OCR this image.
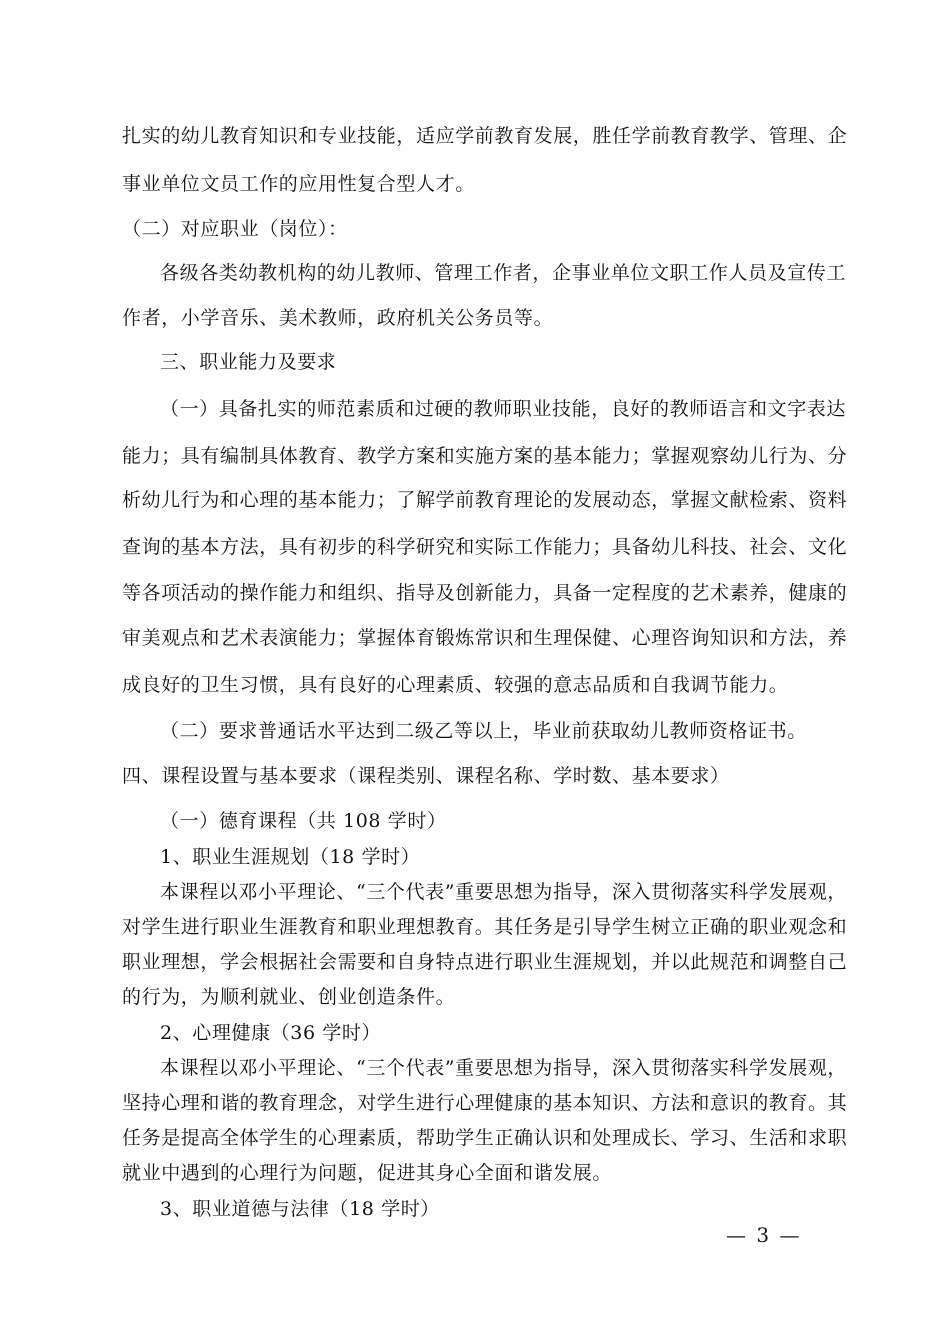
扎实的幼儿教育知识和专业技能，适应学前教育发展，胜任学前教育教学、管理、企
事业单位文员工作的应用性复合型人才。
（二）对应职业（岗位）：
各级各类幼教机构的幼儿教师、管理工作者，企事业单位文职工作人员及宣传工
作者，小学音乐、美术教师，政府机关公务员等。
三、职业能力及要求
（一）具备扎实的师范素质和过硬的教师职业技能，良好的教师语言和文字表达
能力；具有编制具体教育、教学方案和实施方案的基本能力；掌握观察幼儿行为、分
析幼儿行为和心理的基本能力；了解学前教育理论的发展动态，掌握文献检索、资料
查询的基本方法，具有初步的科学研究和实际工作能力；具备幼儿科技、社会、文化
等各项活动的操作能力和组织、指导及创新能力，具备一定程度的艺术素养，健康的
审美观点和艺术表演能力；掌握体育锻炼常识和生理保健、心理咨询知识和方法，养
成良好的卫生习惯，具有良好的心理素质、较强的意志品质和自我调节能力。
（二）要求普通话水平达到二级乙等以上，毕业前获取幼儿教师资格证书。
四、课程设置与基本要求（课程类别、课程名称、学时数、基本要求）
（一）德育课程（共 108 学时）
1、职业生涯规划（18 学时）
本课程以邓小平理论、“三个代表”重要思想为指导，深入贯彻落实科学发展观，
对学生进行职业生涯教育和职业理想教育。其任务是引导学生树立正确的职业观念和
职业理想，学会根据社会需要和自身特点进行职业生涯规划，并以此规范和调整自己
的行为，为顺利就业、创业创造条件。
2、心理健康（36 学时）
本课程以邓小平理论、“三个代表”重要思想为指导，深入贯彻落实科学发展观，
坚持心理和谐的教育理念，对学生进行心理健康的基本知识、方法和意识的教育。其
任务是提高全体学生的心理素质，帮助学生正确认识和处理成长、学习、生活和求职
就业中遇到的心理行为问题，促进其身心全面和谐发展。
3、职业道德与法律（18 学时）
— 3 —
